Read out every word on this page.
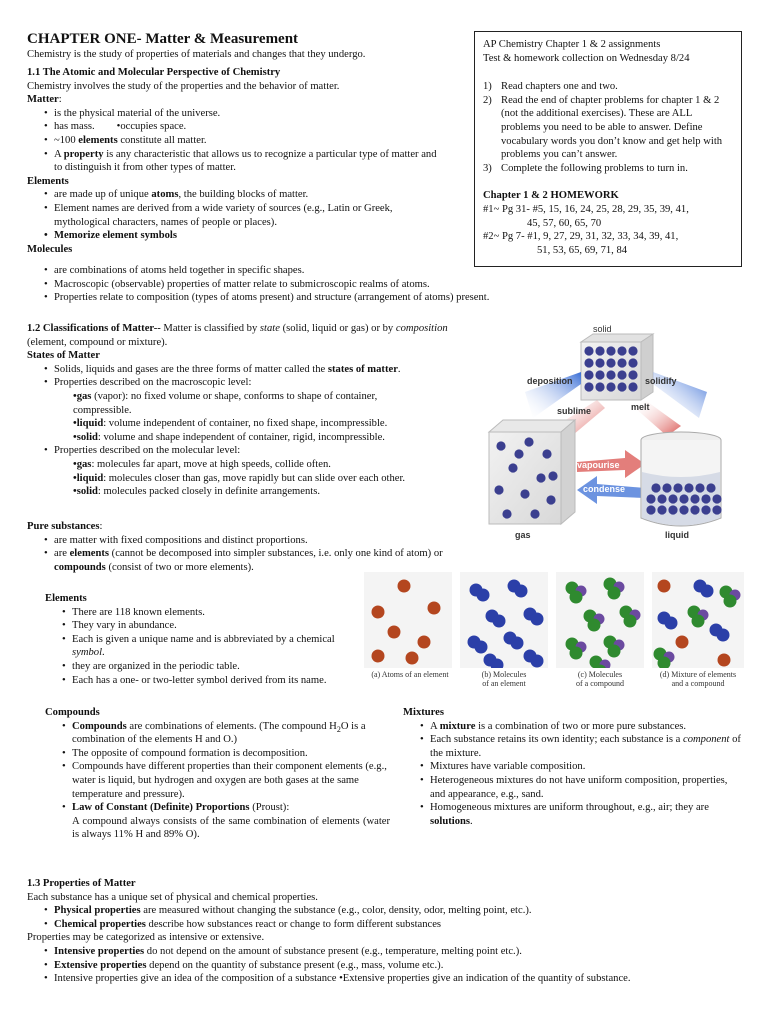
CHAPTER ONE- Matter & Measurement
Chemistry is the study of properties of materials and changes that they undergo.

1.1 The Atomic and Molecular Perspective of Chemistry

Chemistry involves the study of the properties and the behavior of matter.

Matter:

• is the physical material of the universe.

• has mass. •occupies space.

• ~100 elements constitute all matter.

• A property is any characteristic that allows us to recognize a particular type of matter and to distinguish it from other types of matter.

Elements

• are made up of unique atoms, the building blocks of matter.

• Element names are derived from a wide variety of sources (e.g., Latin or Greek, mythological characters, names of people or places).

• Memorize element symbols

Molecules

• are combinations of atoms held together in specific shapes.

• Macroscopic (observable) properties of matter relate to submicroscopic realms of atoms.

• Properties relate to composition (types of atoms present) and structure (arrangement of atoms) present.

AP Chemistry Chapter 1 & 2 assignments

Test & homework collection on Wednesday 8/24

1) Read chapters one and two.

2) Read the end of chapter problems for chapter 1 & 2 (not the additional exercises). These are ALL problems you need to be able to answer. Define vocabulary words you don’t know and get help with problems you can’t answer.

3) Complete the following problems to turn in.

Chapter 1 & 2 HOMEWORK

#1~ Pg 31- #5, 15, 16, 24, 25, 28, 29, 35, 39, 41,

45, 57, 60, 65, 70

#2~ Pg 7- #1, 9, 27, 29, 31, 32, 33, 34, 39, 41,

51, 53, 65, 69, 71, 84

1.2 Classifications of Matter-- Matter is classified by state (solid, liquid or gas) or by composition (element, compound or mixture).

States of Matter

• Solids, liquids and gases are the three forms of matter called the states of matter.

• Properties described on the macroscopic level:

•gas (vapor): no fixed volume or shape, conforms to shape of container, compressible.

•liquid: volume independent of container, no fixed shape, incompressible.

•solid: volume and shape independent of container, rigid, incompressible.

• Properties described on the molecular level:

•gas: molecules far apart, move at high speeds, collide often.

•liquid: molecules closer than gas, move rapidly but can slide over each other.

•solid: molecules packed closely in definite arrangements.

Pure substances:

• are matter with fixed compositions and distinct proportions.

• are elements (cannot be decomposed into simpler substances, i.e. only one kind of atom) or compounds (consist of two or more elements).

Elements

• There are 118 known elements.

• They vary in abundance.

• Each is given a unique name and is abbreviated by a chemical symbol.

• they are organized in the periodic table.

• Each has a one- or two-letter symbol derived from its name.

Compounds

• Compounds are combinations of elements. (The compound $H_2O$ is a combination of the elements H and O.)

• The opposite of compound formation is decomposition.

• Compounds have different properties than their component elements (e.g., water is liquid, but hydrogen and oxygen are both gases at the same temperature and pressure).

• Law of Constant (Definite) Proportions (Proust):

A compound always consists of the same combination of elements (water is always 11% H and 89% O).

Mixtures

• A mixture is a combination of two or more pure substances.

• Each substance retains its own identity; each substance is a component of the mixture.

• Mixtures have variable composition.

• Heterogeneous mixtures do not have uniform composition, properties, and appearance, e.g., sand.

• Homogeneous mixtures are uniform throughout, e.g., air; they are solutions.

1.3 Properties of Matter

Each substance has a unique set of physical and chemical properties.

• Physical properties are measured without changing the substance (e.g., color, density, odor, melting point, etc.).

• Chemical properties describe how substances react or change to form different substances

Properties may be categorized as intensive or extensive.

• Intensive properties do not depend on the amount of substance present (e.g., temperature, melting point etc.).

• Extensive properties depend on the quantity of substance present (e.g., mass, volume etc.).

• Intensive properties give an idea of the composition of a substance •Extensive properties give an indication of the quantity of substance.

solid
deposition	solidify
sublime	melt
gas
vapourise
condense
liquid
(a) Atoms of an element	(b) Molecules
of an element
(c) Molecules
of a compound
(d) Mixture of elements
and a compound
